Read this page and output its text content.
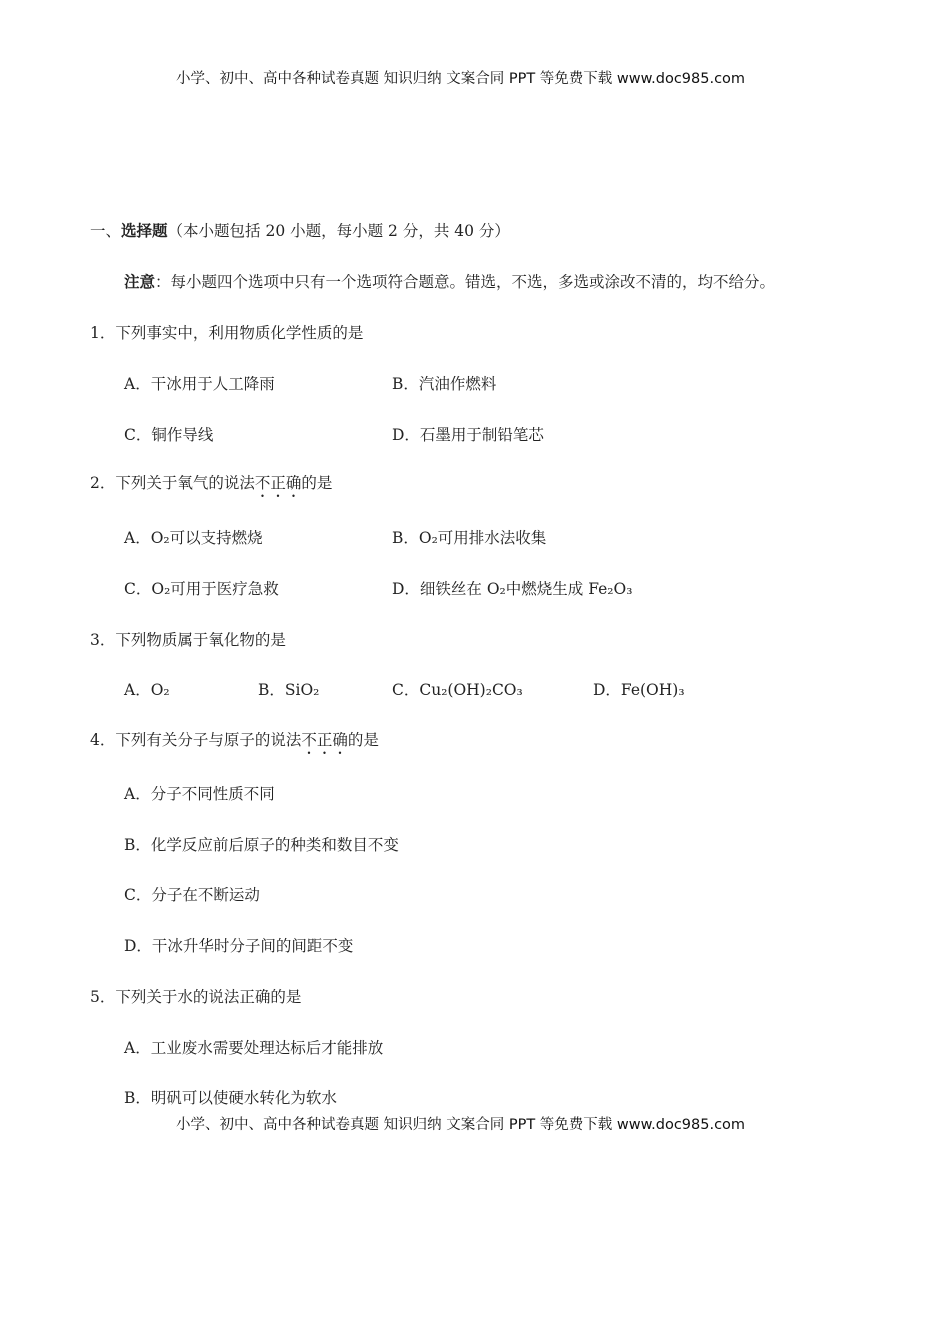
小学、初中、高中各种试卷真题 知识归纳 文案合同 PPT 等免费下载 www.doc985.com
一、选择题（本小题包括 20 小题，每小题 2 分，共 40 分）
注意：每小题四个选项中只有一个选项符合题意。错选，不选，多选或涂改不清的，均不给分。
1．下列事实中，利用物质化学性质的是
A．干冰用于人工降雨	B．汽油作燃料
C．铜作导线	D．石墨用于制铅笔芯
2．下列关于氧气的说法不正确的是
A．O₂可以支持燃烧	B．O₂可用排水法收集
C．O₂可用于医疗急救	D．细铁丝在 O₂中燃烧生成 Fe₂O₃
3．下列物质属于氧化物的是
A．O₂	B．SiO₂	C．Cu₂(OH)₂CO₃	D．Fe(OH)₃
4．下列有关分子与原子的说法不正确的是
A．分子不同性质不同
B．化学反应前后原子的种类和数目不变
C．分子在不断运动
D．干冰升华时分子间的间距不变
5．下列关于水的说法正确的是
A．工业废水需要处理达标后才能排放
B．明矾可以使硬水转化为软水
小学、初中、高中各种试卷真题 知识归纳 文案合同 PPT 等免费下载 www.doc985.com
